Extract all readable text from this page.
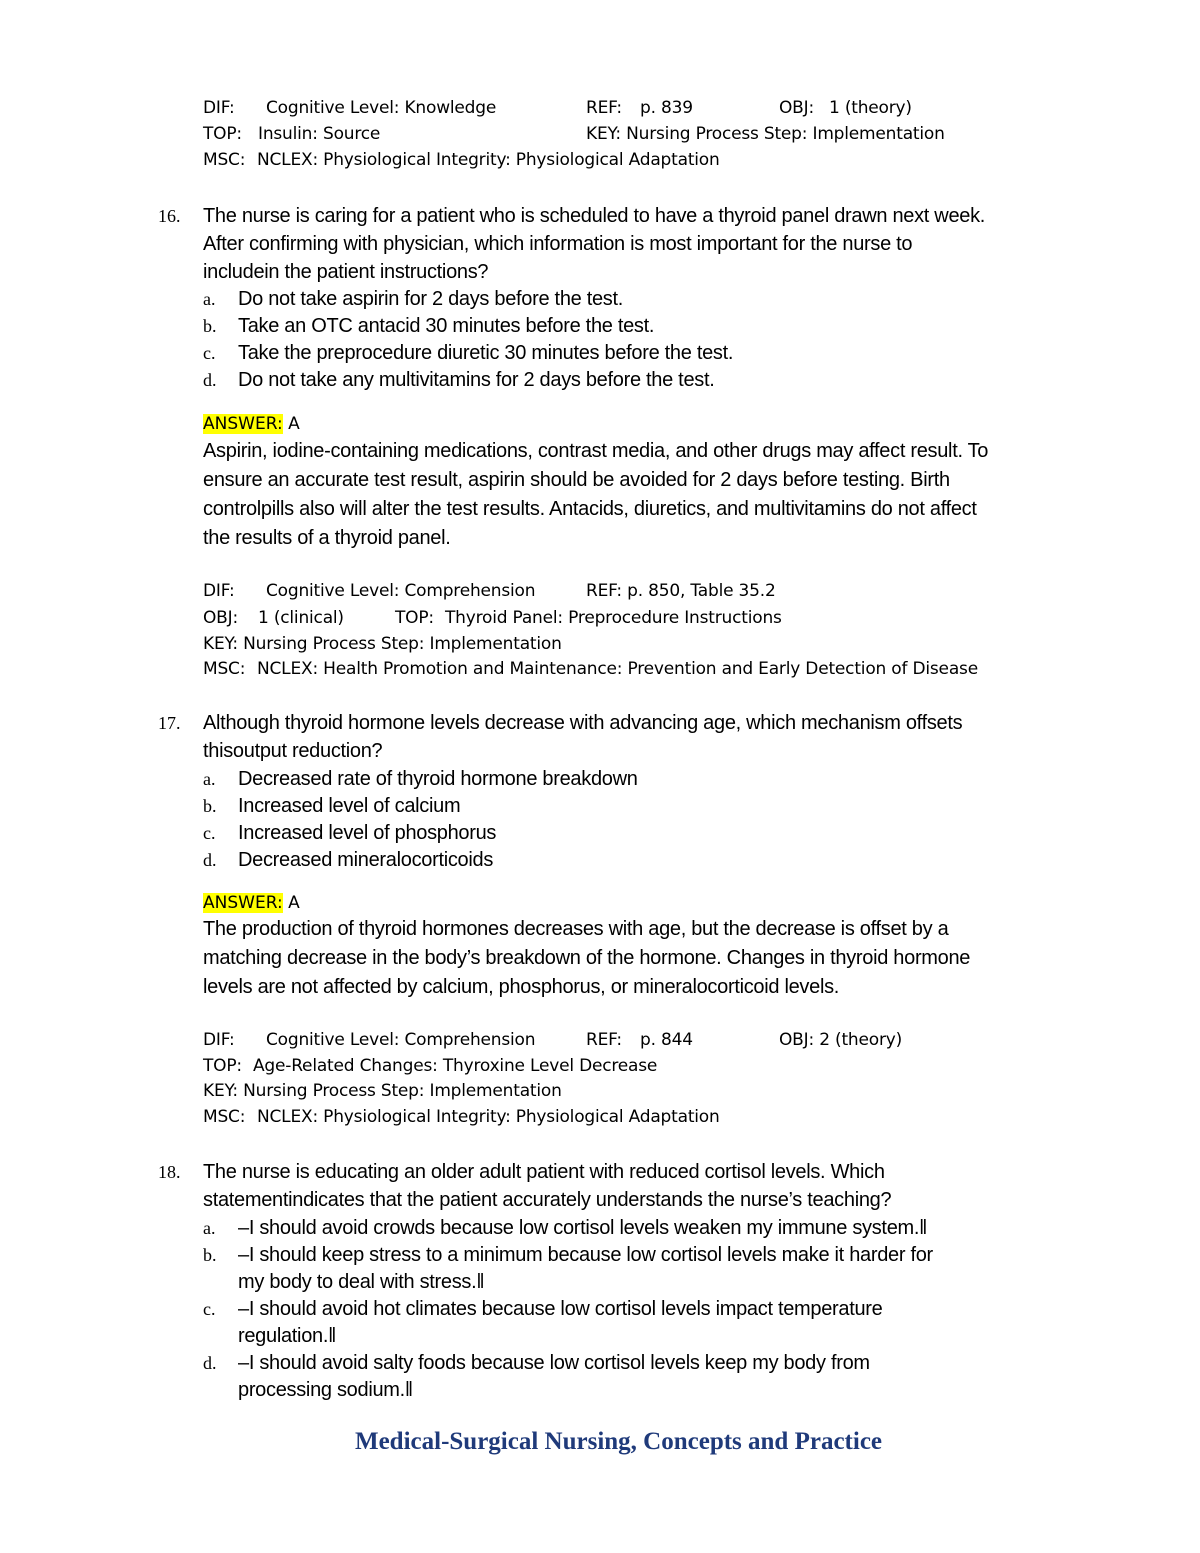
DIF: Cognitive Level: Knowledge	REF: p. 839	OBJ: 1 (theory)
TOP: Insulin: Source	KEY: Nursing Process Step: Implementation
MSC: NCLEX: Physiological Integrity: Physiological Adaptation
16. The nurse is caring for a patient who is scheduled to have a thyroid panel drawn next week.
After confirming with physician, which information is most important for the nurse to
includein the patient instructions?
a. Do not take aspirin for 2 days before the test.
b. Take an OTC antacid 30 minutes before the test.
c. Take the preprocedure diuretic 30 minutes before the test.
d. Do not take any multivitamins for 2 days before the test.
ANSWER: A
Aspirin, iodine-containing medications, contrast media, and other drugs may affect result. To
ensure an accurate test result, aspirin should be avoided for 2 days before testing. Birth
controlpills also will alter the test results. Antacids, diuretics, and multivitamins do not affect
the results of a thyroid panel.
DIF: Cognitive Level: Comprehension	REF: p. 850, Table 35.2
OBJ: 1 (clinical)	TOP: Thyroid Panel: Preprocedure Instructions
KEY: Nursing Process Step: Implementation
MSC: NCLEX: Health Promotion and Maintenance: Prevention and Early Detection of Disease
17. Although thyroid hormone levels decrease with advancing age, which mechanism offsets
thisoutput reduction?
a. Decreased rate of thyroid hormone breakdown
b. Increased level of calcium
c. Increased level of phosphorus
d. Decreased mineralocorticoids
ANSWER: A
The production of thyroid hormones decreases with age, but the decrease is offset by a
matching decrease in the body’s breakdown of the hormone. Changes in thyroid hormone
levels are not affected by calcium, phosphorus, or mineralocorticoid levels.
DIF: Cognitive Level: Comprehension	REF: p. 844	OBJ: 2 (theory)
TOP: Age-Related Changes: Thyroxine Level Decrease
KEY: Nursing Process Step: Implementation
MSC: NCLEX: Physiological Integrity: Physiological Adaptation
18. The nurse is educating an older adult patient with reduced cortisol levels. Which
statementindicates that the patient accurately understands the nurse’s teaching?
a. –I should avoid crowds because low cortisol levels weaken my immune system.‖
b. –I should keep stress to a minimum because low cortisol levels make it harder for
my body to deal with stress.‖
c. –I should avoid hot climates because low cortisol levels impact temperature
regulation.‖
d. –I should avoid salty foods because low cortisol levels keep my body from
processing sodium.‖
Medical-Surgical Nursing, Concepts and Practice
